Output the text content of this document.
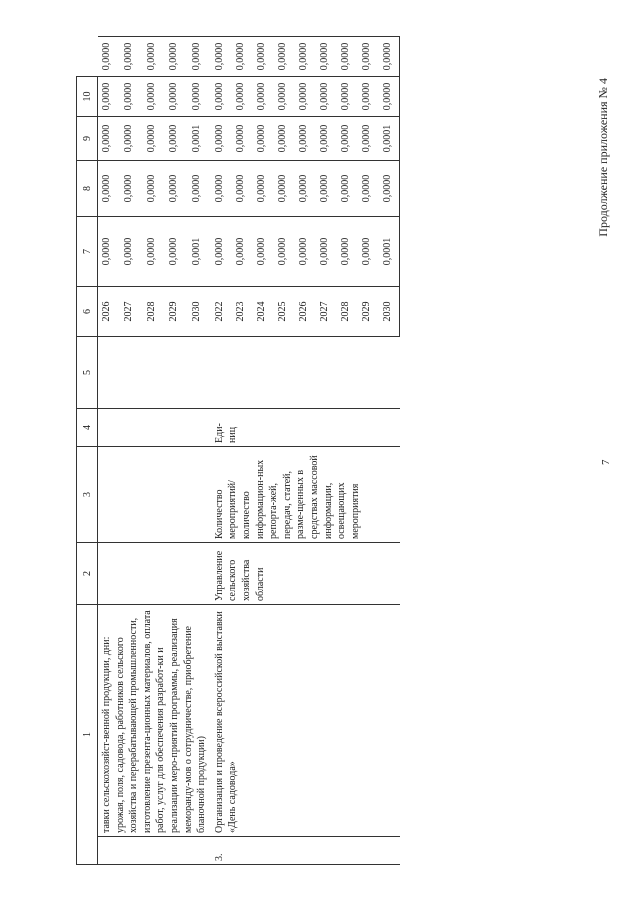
7
Продолжение приложения № 4
1		2	3	4	5	6	7	8	9	10	
	тавки сельскохозяйст-венной продукции, дни: урожая, поля, садовода, работников сельского хозяйства и перерабатывающей промышленности, изготовление презента-ционных материалов, оплата работ, услуг для обеспечения разработ-ки и реализации меро-приятий программы, реализация меморанду-мов о сотрудничестве, приобретение бланочной продукции)					2026	0,0000	0,0000	0,0000	0,0000	0,0000
						2027	0,0000	0,0000	0,0000	0,0000	0,0000
						2028	0,0000	0,0000	0,0000	0,0000	0,0000
						2029	0,0000	0,0000	0,0000	0,0000	0,0000
						2030	0,0001	0,0000	0,0001	0,0000	0,0000
3.	Организация и проведение всероссийской выставки «День садовода»	Управление сельского хозяйства области	Количество мероприятий/ количество информацион-ных репорта-жей, передач, статей, разме-щенных в средствах массовой информации, освещающих мероприятия	Еди-ниц		2022	0,0000	0,0000	0,0000	0,0000	0,0000
						2023	0,0000	0,0000	0,0000	0,0000	0,0000
						2024	0,0000	0,0000	0,0000	0,0000	0,0000
						2025	0,0000	0,0000	0,0000	0,0000	0,0000
						2026	0,0000	0,0000	0,0000	0,0000	0,0000
						2027	0,0000	0,0000	0,0000	0,0000	0,0000
						2028	0,0000	0,0000	0,0000	0,0000	0,0000
						2029	0,0000	0,0000	0,0000	0,0000	0,0000
						2030	0,0001	0,0000	0,0001	0,0000	0,0000
